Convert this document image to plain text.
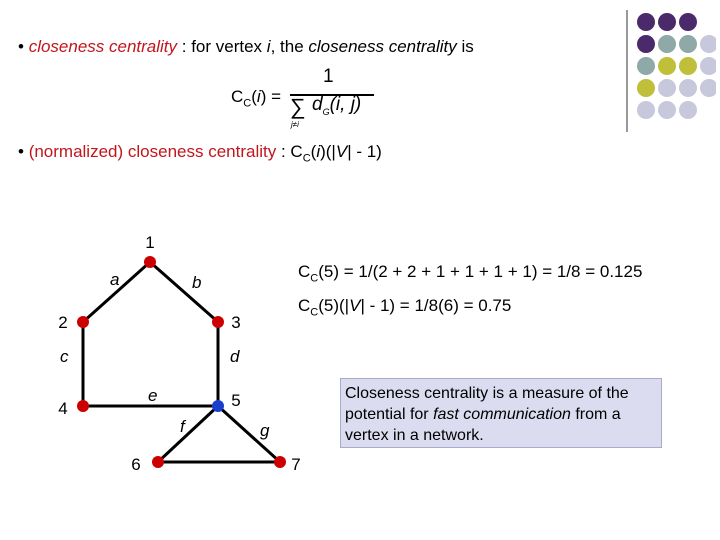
• closeness centrality : for vertex i, the closeness centrality is
$C_C(i)$ =
1
∑
j≠i
$d_G(i$, j)
• (normalized) closeness centrality : $C_C(i)(|V| - 1)$
$C_C(5) = 1/(2 + 2 + 1 + 1 + 1 + 1) = 1/8 = 0.125$
$C_C(5)(|V| - 1) = 1/8(6) = 0.75$
Closeness centrality is a measure of the potential for fast communication from a vertex in a network.
a	b
c	d
e
f	g
1
2	3
4	5
6	7
